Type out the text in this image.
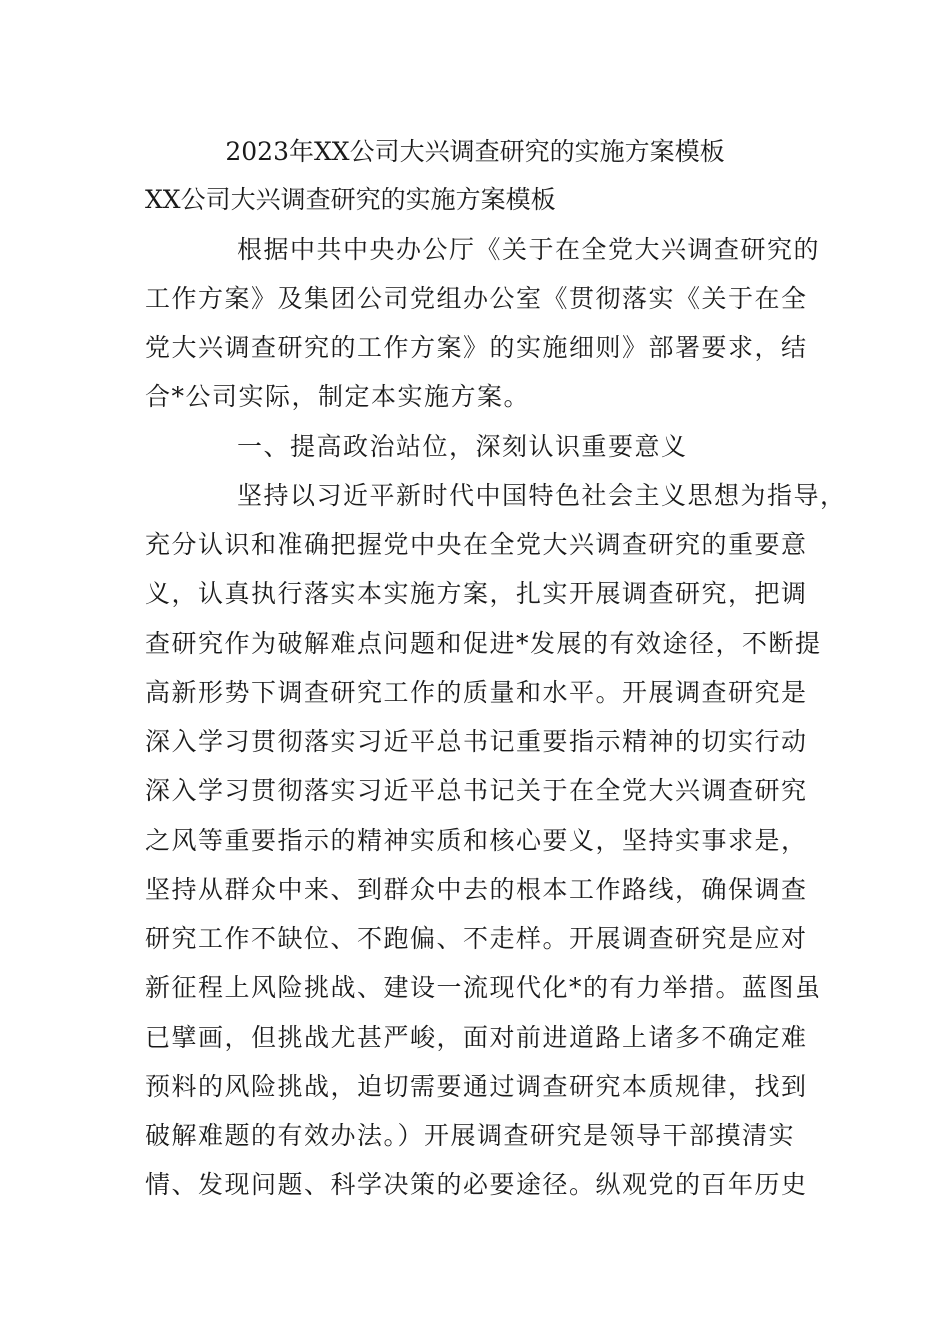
2023年XX公司大兴调查研究的实施方案模板

XX公司大兴调查研究的实施方案模板

根据中共中央办公厅《关于在全党大兴调查研究的

工作方案》及集团公司党组办公室《贯彻落实《关于在全

党大兴调查研究的工作方案》的实施细则》部署要求，结

合*公司实际，制定本实施方案。

一、提高政治站位，深刻认识重要意义

坚持以习近平新时代中国特色社会主义思想为指导，

充分认识和准确把握党中央在全党大兴调查研究的重要意

义，认真执行落实本实施方案，扎实开展调查研究，把调

查研究作为破解难点问题和促进*发展的有效途径，不断提

高新形势下调查研究工作的质量和水平。开展调查研究是

深入学习贯彻落实习近平总书记重要指示精神的切实行动

深入学习贯彻落实习近平总书记关于在全党大兴调查研究

之风等重要指示的精神实质和核心要义，坚持实事求是，

坚持从群众中来、到群众中去的根本工作路线，确保调查

研究工作不缺位、不跑偏、不走样。开展调查研究是应对

新征程上风险挑战、建设一流现代化*的有力举措。蓝图虽

已擘画，但挑战尤甚严峻，面对前进道路上诸多不确定难

预料的风险挑战，迫切需要通过调查研究本质规律，找到

破解难题的有效办法。）开展调查研究是领导干部摸清实

情、发现问题、科学决策的必要途径。纵观党的百年历史
